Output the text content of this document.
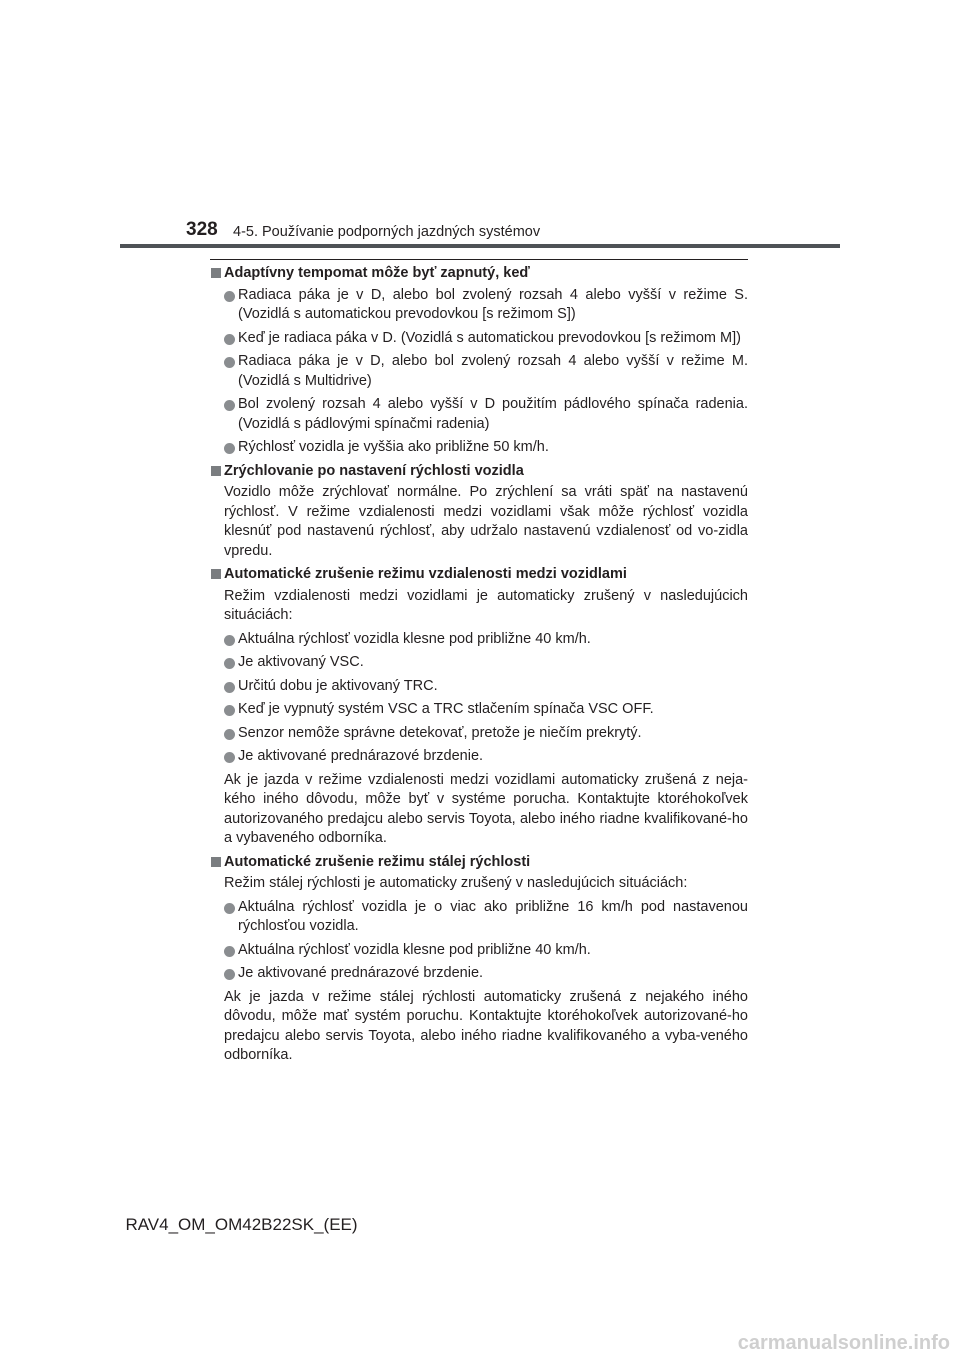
328 4-5. Používanie podporných jazdných systémov
Adaptívny tempomat môže byť zapnutý, keď
Radiaca páka je v D, alebo bol zvolený rozsah 4 alebo vyšší v režime S. (Vozidlá s automatickou prevodovkou [s režimom S])
Keď je radiaca páka v D. (Vozidlá s automatickou prevodovkou [s režimom M])
Radiaca páka je v D, alebo bol zvolený rozsah 4 alebo vyšší v režime M. (Vozidlá s Multidrive)
Bol zvolený rozsah 4 alebo vyšší v D použitím pádlového spínača radenia. (Vozidlá s pádlovými spínačmi radenia)
Rýchlosť vozidla je vyššia ako približne 50 km/h.
Zrýchlovanie po nastavení rýchlosti vozidla
Vozidlo môže zrýchlovať normálne. Po zrýchlení sa vráti späť na nastavenú rýchlosť. V režime vzdialenosti medzi vozidlami však môže rýchlosť vozidla klesnúť pod nastavenú rýchlosť, aby udržalo nastavenú vzdialenosť od vo-zidla vpredu.
Automatické zrušenie režimu vzdialenosti medzi vozidlami
Režim vzdialenosti medzi vozidlami je automaticky zrušený v nasledujúcich situáciách:
Aktuálna rýchlosť vozidla klesne pod približne 40 km/h.
Je aktivovaný VSC.
Určitú dobu je aktivovaný TRC.
Keď je vypnutý systém VSC a TRC stlačením spínača VSC OFF.
Senzor nemôže správne detekovať, pretože je niečím prekrytý.
Je aktivované prednárazové brzdenie.
Ak je jazda v režime vzdialenosti medzi vozidlami automaticky zrušená z neja-kého iného dôvodu, môže byť v systéme porucha. Kontaktujte ktoréhokoľvek autorizovaného predajcu alebo servis Toyota, alebo iného riadne kvalifikované-ho a vybaveného odborníka.
Automatické zrušenie režimu stálej rýchlosti
Režim stálej rýchlosti je automaticky zrušený v nasledujúcich situáciách:
Aktuálna rýchlosť vozidla je o viac ako približne 16 km/h pod nastavenou rýchlosťou vozidla.
Aktuálna rýchlosť vozidla klesne pod približne 40 km/h.
Je aktivované prednárazové brzdenie.
Ak je jazda v režime stálej rýchlosti automaticky zrušená z nejakého iného dôvodu, môže mať systém poruchu. Kontaktujte ktoréhokoľvek autorizované-ho predajcu alebo servis Toyota, alebo iného riadne kvalifikovaného a vyba-veného odborníka.
RAV4_OM_OM42B22SK_(EE)
carmanualsonline.info
